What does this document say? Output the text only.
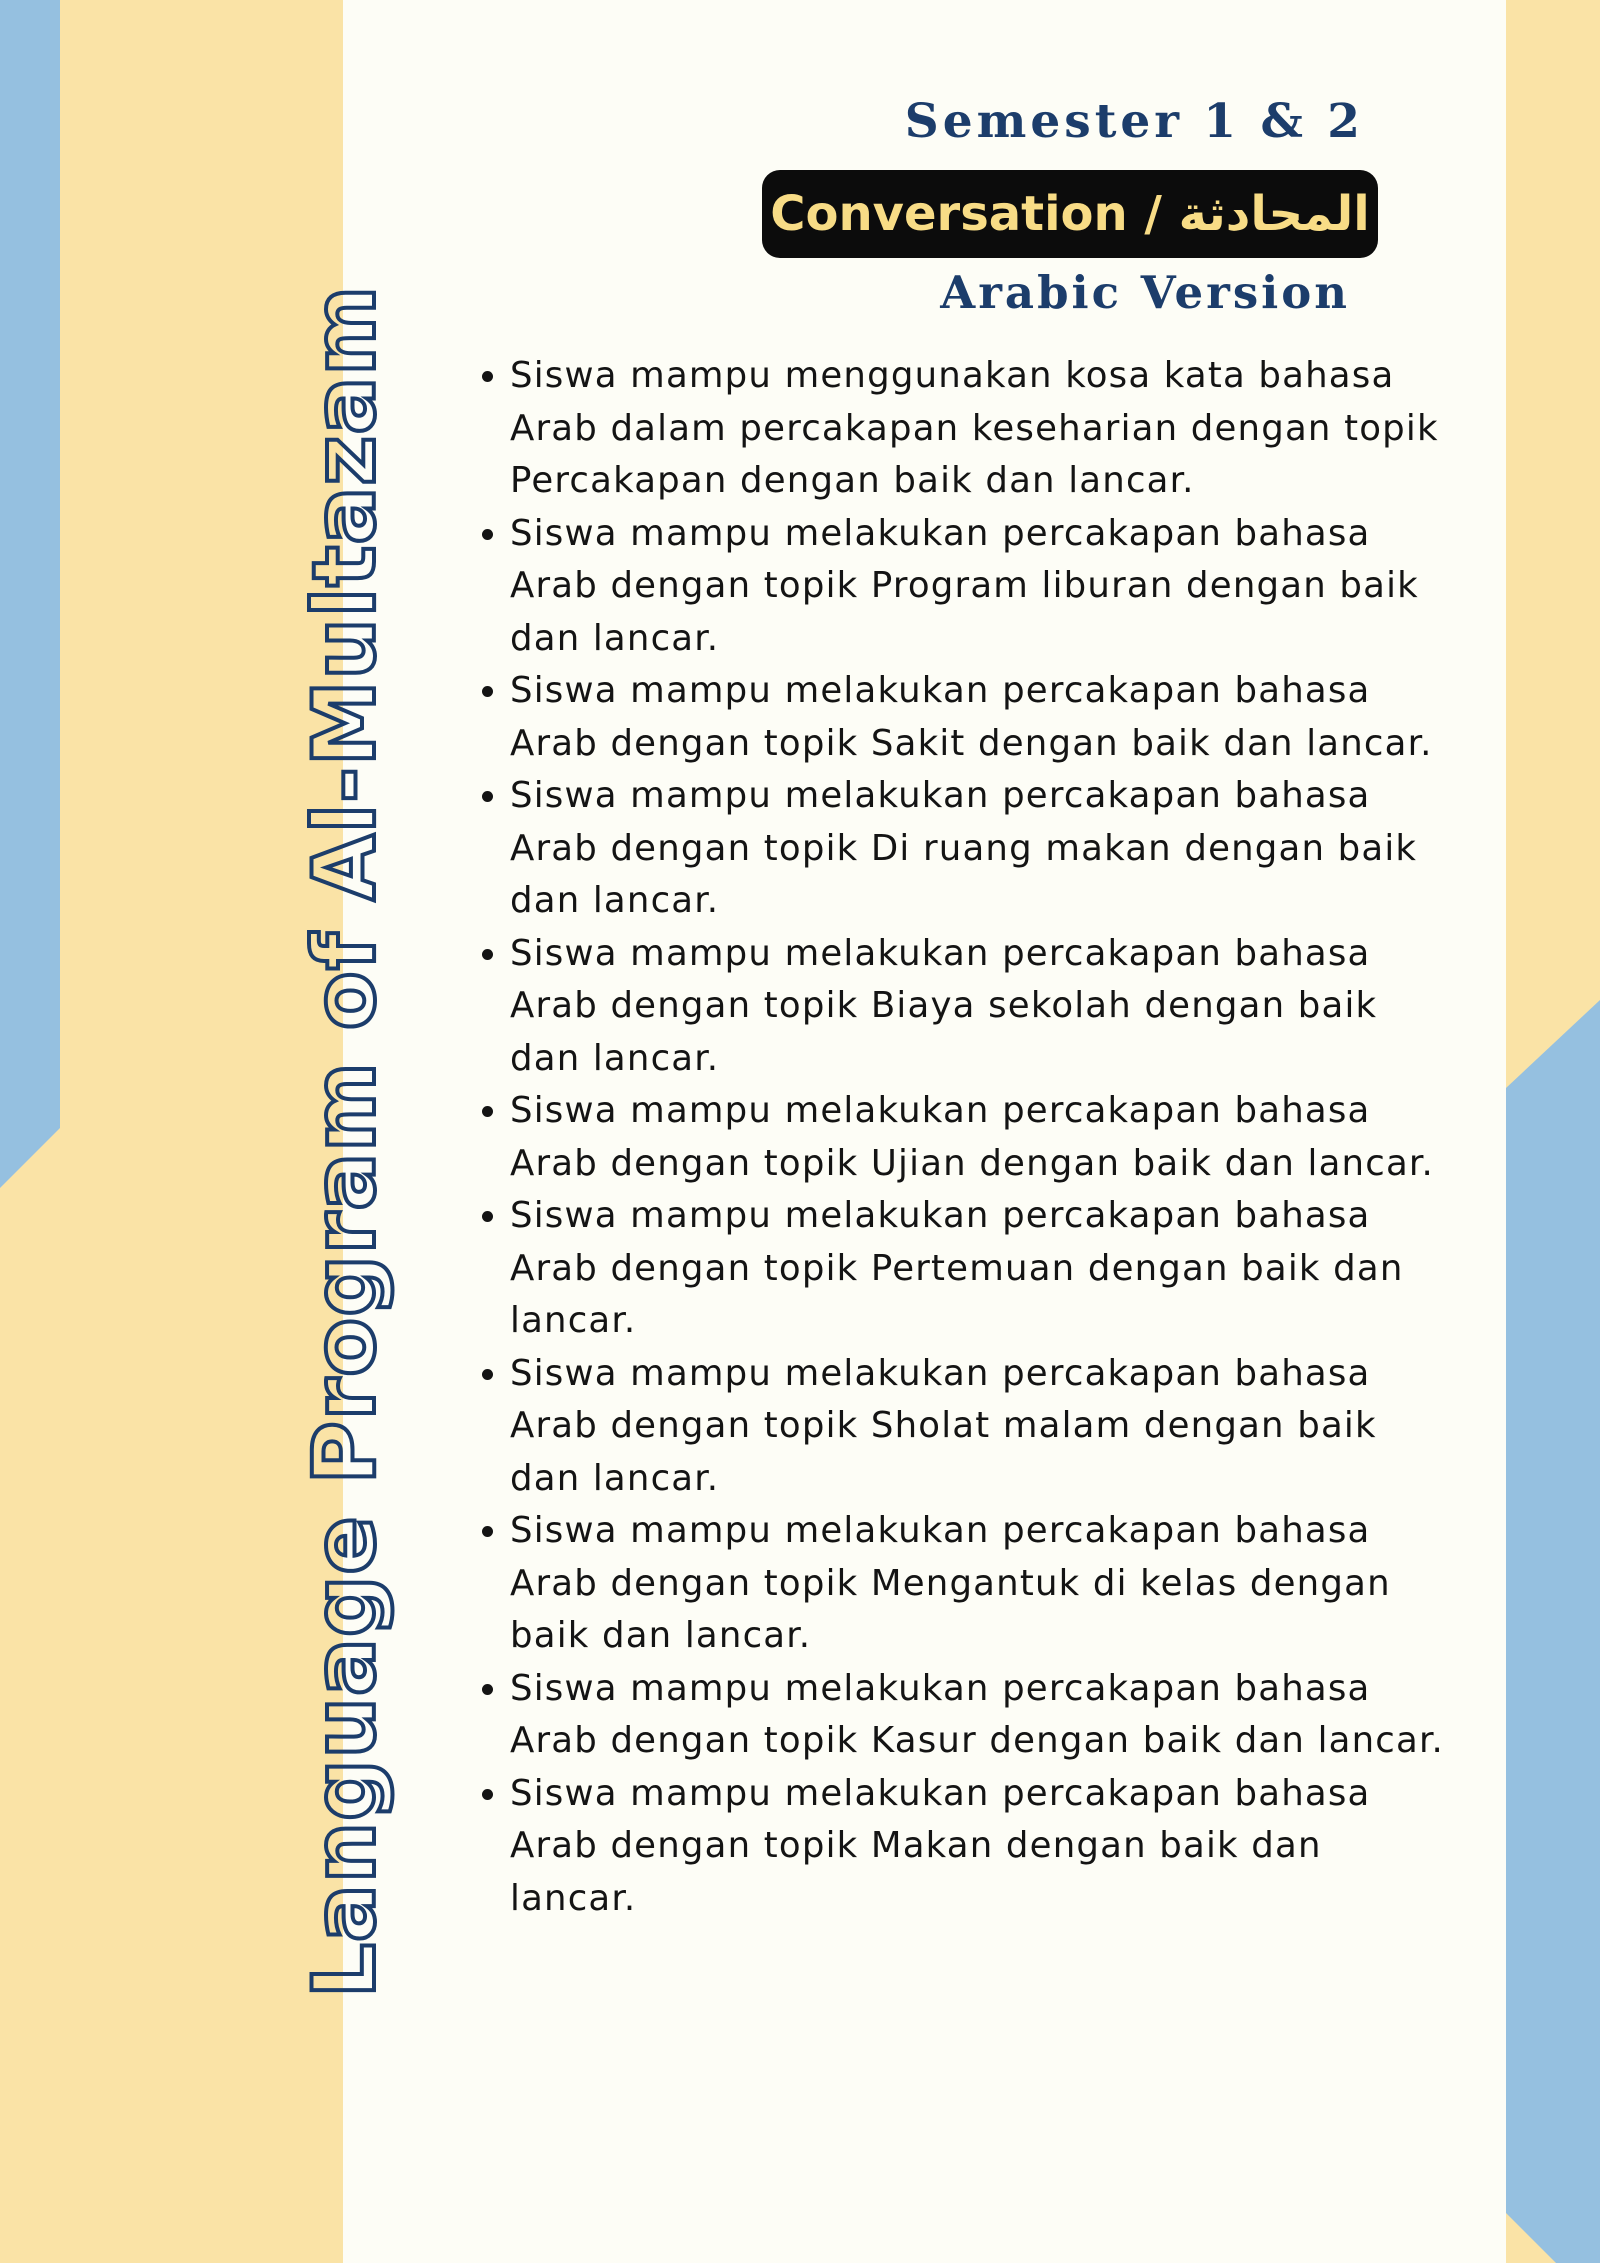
Language Program of Al-Multazam
Semester 1 & 2
Conversation / المحادثة
Arabic Version
• Siswa mampu menggunakan kosa kata bahasa Arab dalam percakapan keseharian dengan topik Percakapan dengan baik dan lancar.
• Siswa mampu melakukan percakapan bahasa Arab dengan topik Program liburan dengan baik dan lancar.
• Siswa mampu melakukan percakapan bahasa Arab dengan topik Sakit dengan baik dan lancar.
• Siswa mampu melakukan percakapan bahasa Arab dengan topik Di ruang makan dengan baik dan lancar.
• Siswa mampu melakukan percakapan bahasa Arab dengan topik Biaya sekolah dengan baik dan lancar.
• Siswa mampu melakukan percakapan bahasa Arab dengan topik Ujian dengan baik dan lancar.
• Siswa mampu melakukan percakapan bahasa Arab dengan topik Pertemuan dengan baik dan lancar.
• Siswa mampu melakukan percakapan bahasa Arab dengan topik Sholat malam dengan baik dan lancar.
• Siswa mampu melakukan percakapan bahasa Arab dengan topik Mengantuk di kelas dengan baik dan lancar.
• Siswa mampu melakukan percakapan bahasa Arab dengan topik Kasur dengan baik dan lancar.
• Siswa mampu melakukan percakapan bahasa Arab dengan topik Makan dengan baik dan lancar.
